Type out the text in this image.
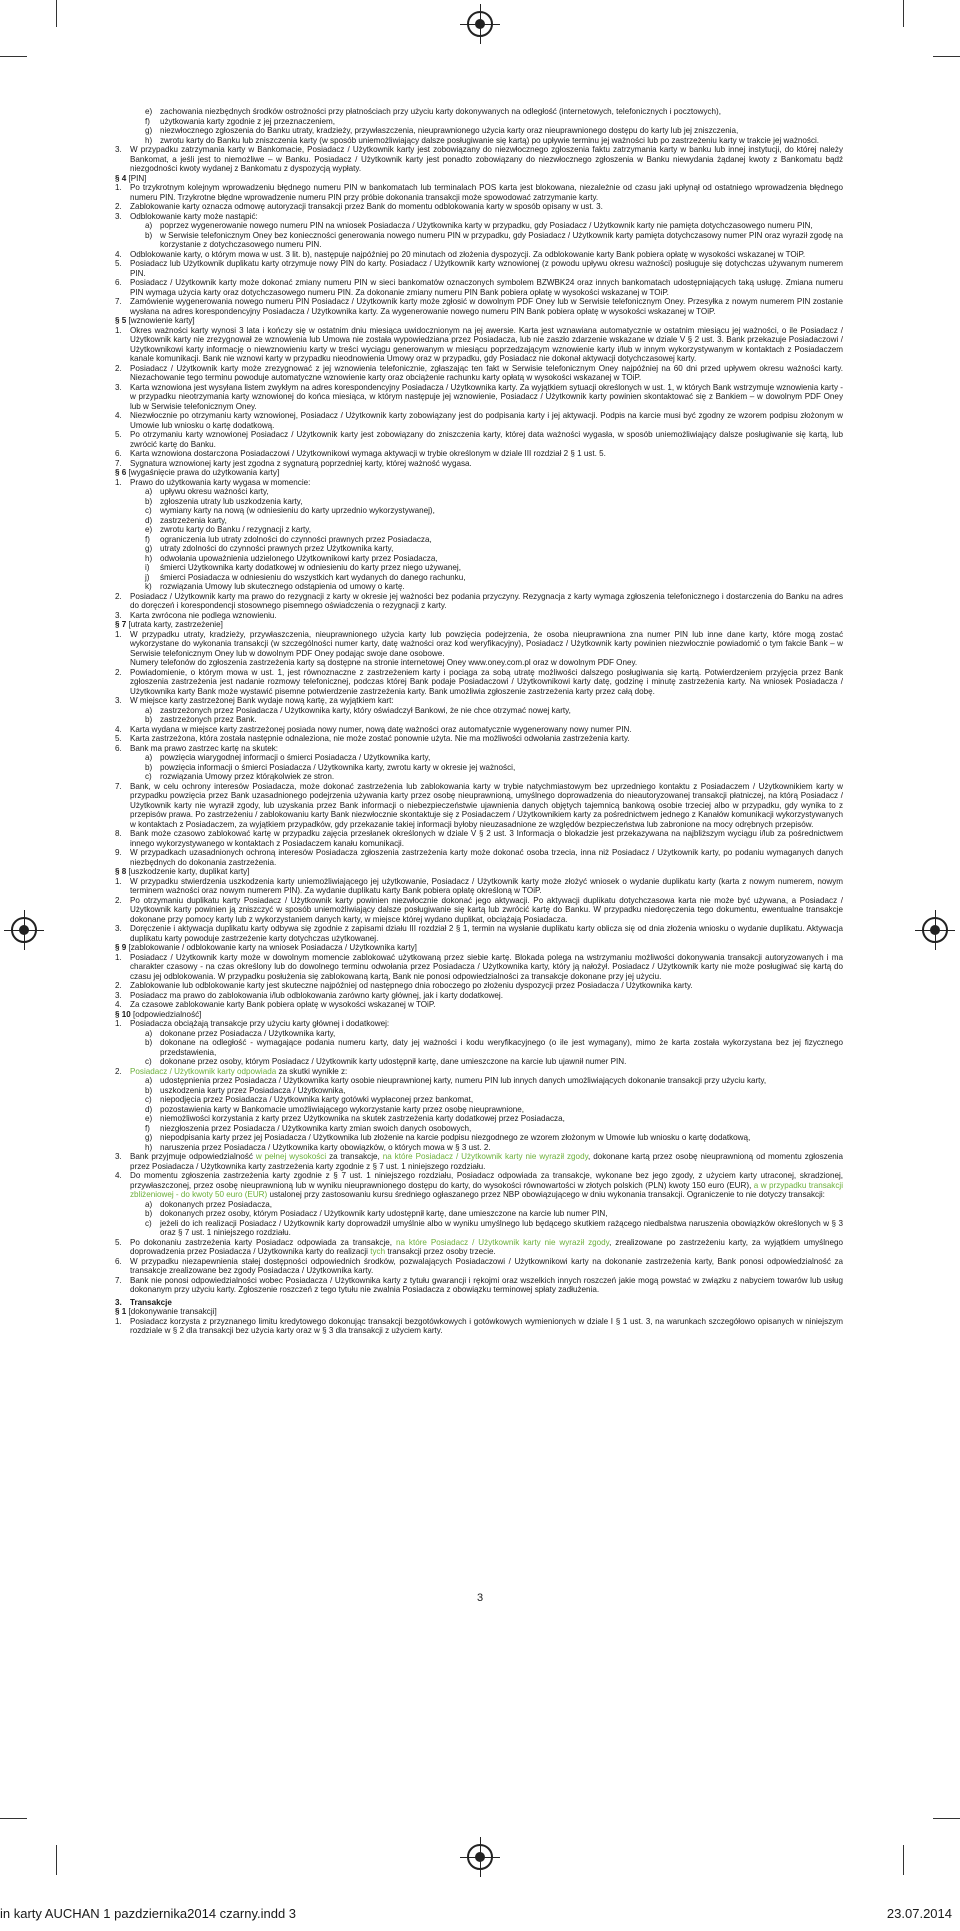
e) zachowania niezbędnych środków ostrożności przy płatnościach przy użyciu karty dokonywanych na odległość (internetowych, telefonicznych i pocztowych),
f)	użytkowania karty zgodnie z jej przeznaczeniem,
g) niezwłocznego zgłoszenia do Banku utraty, kradzieży, przywłaszczenia, nieuprawnionego użycia karty oraz nieuprawnionego dostępu do karty lub jej zniszczenia,
h) zwrotu karty do Banku lub zniszczenia karty (w sposób uniemożliwiający dalsze posługiwanie się kartą) po upływie terminu jej ważności lub po zastrzeżeniu karty w trakcie jej ważności.
3.	W przypadku zatrzymania karty w Bankomacie, Posiadacz / Użytkownik karty jest zobowiązany do niezwłocznego zgłoszenia faktu zatrzymania karty w banku lub innej instytucji, do której należy Bankomat, a jeśli jest to niemożliwe – w Banku. Posiadacz / Użytkownik karty jest ponadto zobowiązany do niezwłocznego zgłoszenia w Banku niewydania żądanej kwoty z Bankomatu bądź niezgodności kwoty wydanej z Bankomatu z dyspozycją wypłaty.

§ 4 [PIN]

1.	Po trzykrotnym kolejnym wprowadzeniu błędnego numeru PIN w bankomatach lub terminalach POS karta jest blokowana, niezależnie od czasu jaki upłynął od ostatniego wprowadzenia błędnego numeru PIN. Trzykrotne błędne wprowadzenie numeru PIN przy próbie dokonania transakcji może spowodować zatrzymanie karty.
2.	Zablokowanie karty oznacza odmowę autoryzacji transakcji przez Bank do momentu odblokowania karty w sposób opisany w ust. 3.
3.	Odblokowanie karty może nastąpić:
a) poprzez wygenerowanie nowego numeru PIN na wniosek Posiadacza / Użytkownika karty w przypadku, gdy Posiadacz / Użytkownik karty nie pamięta dotychczasowego numeru PIN,
b) w Serwisie telefonicznym Oney bez konieczności generowania nowego numeru PIN w przypadku, gdy Posiadacz / Użytkownik karty pamięta dotychczasowy numer PIN oraz wyraził zgodę na korzystanie z dotychczasowego numeru PIN.
4.	Odblokowanie karty, o którym mowa w ust. 3 lit. b), następuje najpóźniej po 20 minutach od złożenia dyspozycji. Za odblokowanie karty Bank pobiera opłatę w wysokości wskazanej w TOiP.
5.	Posiadacz lub Użytkownik duplikatu karty otrzymuje nowy PIN do karty. Posiadacz / Użytkownik karty wznowionej (z powodu upływu okresu ważności) posługuje się dotychczas używanym numerem PIN.
6.	Posiadacz / Użytkownik karty może dokonać zmiany numeru PIN w sieci bankomatów oznaczonych symbolem BZWBK24 oraz innych bankomatach udostępniających taką usługę. Zmiana numeru PIN wymaga użycia karty oraz dotychczasowego numeru PIN. Za dokonanie zmiany numeru PIN Bank pobiera opłatę w wysokości wskazanej w TOiP.
7.	Zamówienie wygenerowania nowego numeru PIN Posiadacz / Użytkownik karty może zgłosić w dowolnym PDF Oney lub w Serwisie telefonicznym Oney. Przesyłka z nowym numerem PIN zostanie wysłana na adres korespondencyjny Posiadacza / Użytkownika karty. Za wygenerowanie nowego numeru PIN Bank pobiera opłatę w wysokości wskazanej w TOiP.

§ 5 [wznowienie karty]

1.	Okres ważności karty wynosi 3 lata i kończy się w ostatnim dniu miesiąca uwidocznionym na jej awersie. Karta jest wznawiana automatycznie w ostatnim miesiącu jej ważności, o ile Posiadacz / Użytkownik karty nie zrezygnował ze wznowienia lub Umowa nie została wypowiedziana przez Posiadacza, lub nie zaszło zdarzenie wskazane w dziale V § 2 ust. 3. Bank przekazuje Posiadaczowi / Użytkownikowi karty informację o niewznowieniu karty w treści wyciągu generowanym w miesiącu poprzedzającym wznowienie karty i/lub w innym wykorzystywanym w kontaktach z Posiadaczem kanale komunikacji. Bank nie wznowi karty w przypadku nieodnowienia Umowy oraz w przypadku, gdy Posiadacz nie dokonał aktywacji dotychczasowej karty.
2.	Posiadacz / Użytkownik karty może zrezygnować z jej wznowienia telefonicznie, zgłaszając ten fakt w Serwisie telefonicznym Oney najpóźniej na 60 dni przed upływem okresu ważności karty. Niezachowanie tego terminu powoduje automatyczne wznowienie karty oraz obciążenie rachunku karty opłatą w wysokości wskazanej w TOiP.
3.	Karta wznowiona jest wysyłana listem zwykłym na adres korespondencyjny Posiadacza / Użytkownika karty. Za wyjątkiem sytuacji określonych w ust. 1, w których Bank wstrzymuje wznowienia karty - w przypadku nieotrzymania karty wznowionej do końca miesiąca, w którym następuje jej wznowienie, Posiadacz / Użytkownik karty powinien skontaktować się z Bankiem – w dowolnym PDF Oney lub w Serwisie telefonicznym Oney.
4.	Niezwłocznie po otrzymaniu karty wznowionej, Posiadacz / Użytkownik karty zobowiązany jest do podpisania karty i jej aktywacji. Podpis na karcie musi być zgodny ze wzorem podpisu złożonym w Umowie lub wniosku o kartę dodatkową.
5.	Po otrzymaniu karty wznowionej Posiadacz / Użytkownik karty jest zobowiązany do zniszczenia karty, której data ważności wygasła, w sposób uniemożliwiający dalsze posługiwanie się kartą, lub zwrócić kartę do Banku.
6.	Karta wznowiona dostarczona Posiadaczowi / Użytkownikowi wymaga aktywacji w trybie określonym w dziale III rozdział 2 § 1 ust. 5.
7.	Sygnatura wznowionej karty jest zgodna z sygnaturą poprzedniej karty, której ważność wygasa.

§ 6 [wygaśnięcie prawa do użytkowania karty]

1.	Prawo do użytkowania karty wygasa w momencie:
a) upływu okresu ważności karty,
b) zgłoszenia utraty lub uszkodzenia karty,
c)	wymiany karty na nową (w odniesieniu do karty uprzednio wykorzystywanej),
d) zastrzeżenia karty,
e) zwrotu karty do Banku / rezygnacji z karty,
f)	ograniczenia lub utraty zdolności do czynności prawnych przez Posiadacza,
g) utraty zdolności do czynności prawnych przez Użytkownika karty,
h) odwołania upoważnienia udzielonego Użytkownikowi karty przez Posiadacza,
i)	śmierci Użytkownika karty dodatkowej w odniesieniu do karty przez niego używanej,
j)	śmierci Posiadacza w odniesieniu do wszystkich kart wydanych do danego rachunku,
k)	rozwiązania Umowy lub skutecznego odstąpienia od umowy o kartę.
2.	Posiadacz / Użytkownik karty ma prawo do rezygnacji z karty w okresie jej ważności bez podania przyczyny. Rezygnacja z karty wymaga zgłoszenia telefonicznego i dostarczenia do Banku na adres do doręczeń i korespondencji stosownego pisemnego oświadczenia o rezygnacji z karty.
3.	Karta zwrócona nie podlega wznowieniu.

§ 7 [utrata karty, zastrzeżenie]

1.	W przypadku utraty, kradzieży, przywłaszczenia, nieuprawnionego użycia karty lub powzięcia podejrzenia, że osoba nieuprawniona zna numer PIN lub inne dane karty, które mogą zostać wykorzystane do wykonania transakcji (w szczególności numer karty, datę ważności oraz kod weryfikacyjny), Posiadacz / Użytkownik karty powinien niezwłocznie powiadomić o tym fakcie Bank – w Serwisie telefonicznym Oney lub w dowolnym PDF Oney podając swoje dane osobowe.
Numery telefonów do zgłoszenia zastrzeżenia karty są dostępne na stronie internetowej Oney www.oney.com.pl oraz w dowolnym PDF Oney.
2.	Powiadomienie, o którym mowa w ust. 1, jest równoznaczne z zastrzeżeniem karty i pociąga za sobą utratę możliwości dalszego posługiwania się kartą. Potwierdzeniem przyjęcia przez Bank zgłoszenia zastrzeżenia jest nadanie rozmowy telefonicznej, podczas której Bank podaje Posiadaczowi / Użytkownikowi karty datę, godzinę i minutę zastrzeżenia karty. Na wniosek Posiadacza / Użytkownika karty Bank może wystawić pisemne potwierdzenie zastrzeżenia karty. Bank umożliwia zgłoszenie zastrzeżenia karty przez całą dobę.
3.	W miejsce karty zastrzeżonej Bank wydaje nową kartę, za wyjątkiem kart:
a) zastrzeżonych przez Posiadacza / Użytkownika karty, który oświadczył Bankowi, że nie chce otrzymać nowej karty,
b) zastrzeżonych przez Bank.
4.	Karta wydana w miejsce karty zastrzeżonej posiada nowy numer, nową datę ważności oraz automatycznie wygenerowany nowy numer PIN.
5.	Karta zastrzeżona, która została następnie odnaleziona, nie może zostać ponownie użyta. Nie ma możliwości odwołania zastrzeżenia karty.
6.	Bank ma prawo zastrzec kartę na skutek:
a) powzięcia wiarygodnej informacji o śmierci Posiadacza / Użytkownika karty,
b) powzięcia informacji o śmierci Posiadacza / Użytkownika karty, zwrotu karty w okresie jej ważności,
c)	rozwiązania Umowy przez którąkolwiek ze stron.
7.	Bank, w celu ochrony interesów Posiadacza, może dokonać zastrzeżenia lub zablokowania karty w trybie natychmiastowym bez uprzedniego kontaktu z Posiadaczem / Użytkownikiem karty w przypadku powzięcia przez Bank uzasadnionego podejrzenia używania karty przez osobę nieuprawnioną, umyślnego doprowadzenia do nieautoryzowanej transakcji płatniczej, na którą Posiadacz / Użytkownik karty nie wyraził zgody, lub uzyskania przez Bank informacji o niebezpieczeństwie ujawnienia danych objętych tajemnicą bankową osobie trzeciej albo w przypadku, gdy wynika to z przepisów prawa. Po zastrzeżeniu / zablokowaniu karty Bank niezwłocznie skontaktuje się z Posiadaczem / Użytkownikiem karty za pośrednictwem jednego z Kanałów komunikacji wykorzystywanych w kontaktach z Posiadaczem, za wyjątkiem przypadków, gdy przekazanie takiej informacji byłoby nieuzasadnione ze względów bezpieczeństwa lub zabronione na mocy odrębnych przepisów.
8.	Bank może czasowo zablokować kartę w przypadku zajęcia przesłanek określonych w dziale V § 2 ust. 3 Informacja o blokadzie jest przekazywana na najbliższym wyciągu i/lub za pośrednictwem innego wykorzystywanego w kontaktach z Posiadaczem kanału komunikacji.
9.	W przypadkach uzasadnionych ochroną interesów Posiadacza zgłoszenia zastrzeżenia karty może dokonać osoba trzecia, inna niż Posiadacz / Użytkownik karty, po podaniu wymaganych danych niezbędnych do dokonania zastrzeżenia.

§ 8 [uszkodzenie karty, duplikat karty]

1.	W przypadku stwierdzenia uszkodzenia karty uniemożliwiającego jej użytkowanie, Posiadacz / Użytkownik karty może złożyć wniosek o wydanie duplikatu karty (karta z nowym numerem, nowym terminem ważności oraz nowym numerem PIN). Za wydanie duplikatu karty Bank pobiera opłatę określoną w TOiP.
2.	Po otrzymaniu duplikatu karty Posiadacz / Użytkownik karty powinien niezwłocznie dokonać jego aktywacji. Po aktywacji duplikatu dotychczasowa karta nie może być używana, a Posiadacz / Użytkownik karty powinien ją zniszczyć w sposób uniemożliwiający dalsze posługiwanie się kartą lub zwrócić kartę do Banku. W przypadku niedoręczenia tego dokumentu, ewentualne transakcje dokonane przy pomocy karty lub z wykorzystaniem danych karty, w miejsce której wydano duplikat, obciążają Posiadacza.
3.	Doręczenie i aktywacja duplikatu karty odbywa się zgodnie z zapisami działu III rozdział 2 § 1, termin na wysłanie duplikatu karty oblicza się od dnia złożenia wniosku o wydanie duplikatu. Aktywacja duplikatu karty powoduje zastrzeżenie karty dotychczas użytkowanej.

§ 9 [zablokowanie / odblokowanie karty na wniosek Posiadacza / Użytkownika karty]

1.	Posiadacz / Użytkownik karty może w dowolnym momencie zablokować użytkowaną przez siebie kartę. Blokada polega na wstrzymaniu możliwości dokonywania transakcji autoryzowanych i ma charakter czasowy - na czas określony lub do dowolnego terminu odwołania przez Posiadacza / Użytkownika karty, który ją nałożył. Posiadacz / Użytkownik karty nie może posługiwać się kartą do czasu jej odblokowania. W przypadku posłużenia się zablokowaną kartą, Bank nie ponosi odpowiedzialności za transakcje dokonane przy jej użyciu.
2.	Zablokowanie lub odblokowanie karty jest skuteczne najpóźniej od następnego dnia roboczego po złożeniu dyspozycji przez Posiadacza / Użytkownika karty.
3.	Posiadacz ma prawo do zablokowania i/lub odblokowania zarówno karty głównej, jak i karty dodatkowej.
4.	Za czasowe zablokowanie karty Bank pobiera opłatę w wysokości wskazanej w TOiP.

§ 10 [odpowiedzialność]

1.	Posiadacza obciążają transakcje przy użyciu karty głównej i dodatkowej:
a) dokonane przez Posiadacza / Użytkownika karty,
b) dokonane na odległość - wymagające podania numeru karty, daty jej ważności i kodu weryfikacyjnego (o ile jest wymagany), mimo że karta została wykorzystana bez jej fizycznego przedstawienia,
c)	dokonane przez osoby, którym Posiadacz / Użytkownik karty udostępnił kartę, dane umieszczone na karcie lub ujawnił numer PIN.
2.	Posiadacz / Użytkownik karty odpowiada za skutki wynikłe z:
a) udostępnienia przez Posiadacza / Użytkownika karty osobie nieuprawnionej karty, numeru PIN lub innych danych umożliwiających dokonanie transakcji przy użyciu karty,
b) uszkodzenia karty przez Posiadacza / Użytkownika,
c)	niepodjęcia przez Posiadacza / Użytkownika karty gotówki wypłaconej przez bankomat,
d) pozostawienia karty w Bankomacie umożliwiającego wykorzystanie karty przez osobę nieuprawnione,
e) niemożliwości korzystania z karty przez Użytkownika na skutek zastrzeżenia karty dodatkowej przez Posiadacza,
f)	niezgłoszenia przez Posiadacza / Użytkownika karty zmian swoich danych osobowych,
g) niepodpisania karty przez jej Posiadacza / Użytkownika lub złożenie na karcie podpisu niezgodnego ze wzorem złożonym w Umowie lub wniosku o kartę dodatkową,
h) naruszenia przez Posiadacza / Użytkownika karty obowiązków, o których mowa w § 3 ust. 2.
3.	Bank przyjmuje odpowiedzialność w pełnej wysokości za transakcje, na które Posiadacz / Użytkownik karty nie wyraził zgody, dokonane kartą przez osobę nieuprawnioną od momentu zgłoszenia przez Posiadacza / Użytkownika karty zastrzeżenia karty zgodnie z § 7 ust. 1 niniejszego rozdziału.
4.	Do momentu zgłoszenia zastrzeżenia karty zgodnie z § 7 ust. 1 niniejszego rozdziału, Posiadacz odpowiada za transakcje, wykonane bez jego zgody, z użyciem karty utraconej, skradzionej, przywłaszczonej, przez osobę nieuprawnioną lub w wyniku nieuprawnionego dostępu do karty, do wysokości równowartości w złotych polskich (PLN) kwoty 150 euro (EUR), a w przypadku transakcji zbliżeniowej - do kwoty 50 euro (EUR) ustalonej przy zastosowaniu kursu średniego ogłaszanego przez NBP obowiązującego w dniu wykonania transakcji. Ograniczenie to nie dotyczy transakcji:
a) dokonanych przez Posiadacza,
b) dokonanych przez osoby, którym Posiadacz / Użytkownik karty udostępnił kartę, dane umieszczone na karcie lub numer PIN,
c)	jeżeli do ich realizacji Posiadacz / Użytkownik karty doprowadził umyślnie albo w wyniku umyślnego lub będącego skutkiem rażącego niedbalstwa naruszenia obowiązków określonych w § 3 oraz § 7 ust. 1 niniejszego rozdziału.
5.	Po dokonaniu zastrzeżenia karty Posiadacz odpowiada za transakcje, na które Posiadacz / Użytkownik karty nie wyraził zgody, zrealizowane po zastrzeżeniu karty, za wyjątkiem umyślnego doprowadzenia przez Posiadacza / Użytkownika karty do realizacji tych transakcji przez osoby trzecie.
6.	W przypadku niezapewnienia stałej dostępności odpowiednich środków, pozwalających Posiadaczowi / Użytkownikowi karty na dokonanie zastrzeżenia karty, Bank ponosi odpowiedzialność za transakcje zrealizowane bez zgody Posiadacza / Użytkownika karty.
7.	Bank nie ponosi odpowiedzialności wobec Posiadacza / Użytkownika karty z tytułu gwarancji i rękojmi oraz wszelkich innych roszczeń jakie mogą powstać w związku z nabyciem towarów lub usług dokonanym przy użyciu karty. Zgłoszenie roszczeń z tego tytułu nie zwalnia Posiadacza z obowiązku terminowej spłaty zadłużenia.
3.	Transakcje

§ 1 [dokonywanie transakcji]

1.	Posiadacz korzysta z przyznanego limitu kredytowego dokonując transakcji bezgotówkowych i gotówkowych wymienionych w dziale I § 1 ust. 3, na warunkach szczegółowo opisanych w niniejszym rozdziale w § 2 dla transakcji bez użycia karty oraz w § 3 dla transakcji z użyciem karty.
3
in karty AUCHAN 1 pazdziernika2014 czarny.indd 3	23.07.2014
